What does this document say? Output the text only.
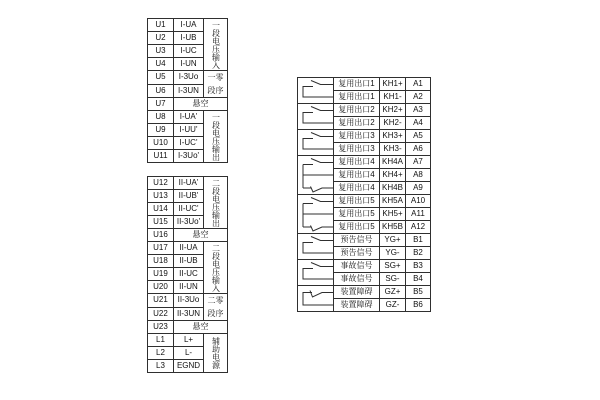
U1	I-UA	一段电压输入

U2	I-UB	
U3	I-UC	
U4	I-UN	
U5	I-3Uo	一零
段序

U6	I-3UN	
U7	悬空	
U8	I-UA'	一段电压输出

U9	I-UU'	
U10	I-UC'	
U11	I-3Uo'	
U12	II-UA'	二段电压输出

U13	II-UB'	
U14	II-UC'	
U15	II-3Uo'	
U16	悬空	
U17	II-UA	二段电压输入

U18	II-UB	
U19	II-UC	
U20	II-UN	
U21	II-3Uo	二零
段序

U22	II-3UN	
U23	悬空	
L1	L+	辅助电源

L2	L-	
L3	EGND	
	复用出口1	KH1+	A1
	复用出口1	KH1-	A2

	复用出口2	KH2+	A3
	复用出口2	KH2-	A4

	复用出口3	KH3+	A5
	复用出口3	KH3-	A6

	复用出口4	KH4A	A7
	复用出口4	KH4+	A8
	复用出口4	KH4B	A9

	复用出口5	KH5A	A10
	复用出口5	KH5+	A11
	复用出口5	KH5B	A12

	预告信号	YG+	B1
	预告信号	YG-	B2

	事故信号	SG+	B3
	事故信号	SG-	B4

	装置障碍	GZ+	B5
	装置障碍	GZ-	B6
